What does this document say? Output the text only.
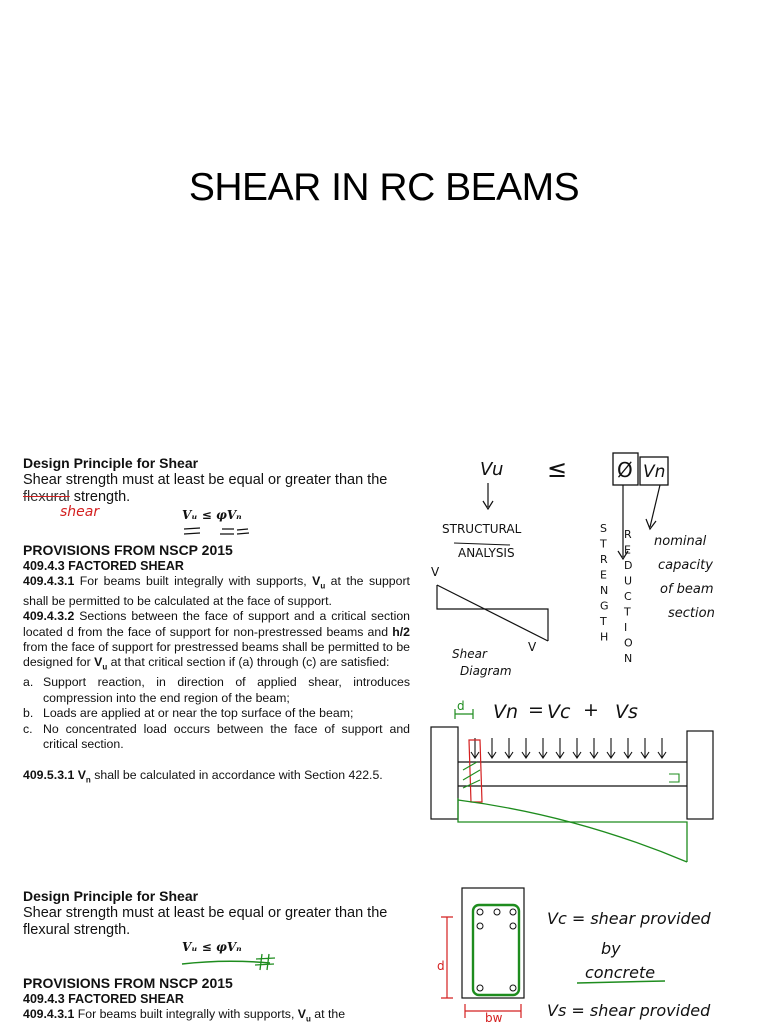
SHEAR IN RC BEAMS

Design Principle for Shear

Shear strength must at least be equal or greater than the flexural strength.

shear	Vᵤ ≤ φVₙ

PROVISIONS FROM NSCP 2015

409.4.3 FACTORED SHEAR

409.4.3.1 For beams built integrally with supports, $V_u$ at the support shall be permitted to be calculated at the face of support.

409.4.3.2 Sections between the face of support and a critical section located d from the face of support for non-prestressed beams and h/2 from the face of support for prestressed beams shall be permitted to be designed for $V_u$ at that critical section if (a) through (c) are satisfied:

a. Support reaction, in direction of applied shear, introduces compression into the end region of the beam;
b. Loads are applied at or near the top surface of the beam;
c. No concentrated load occurs between the face of support and critical section.

409.5.3.1 $V_n$ shall be calculated in accordance with Section 422.5.

Design Principle for Shear

Shear strength must at least be equal or greater than the flexural strength.

Vᵤ ≤ φVₙ

PROVISIONS FROM NSCP 2015

409.4.3 FACTORED SHEAR

409.4.3.1 For beams built integrally with supports, $V_u$ at the

Vu ≤ Ø Vn
STRUCTURAL
ANALYSIS
S
T
R
E
N
G
T
H
R
E
D
U
C
T
I
O
N
nominal
capacity
of beam
section
V
V
Shear
Diagram
d Vn = Vc + Vs
d
bw
Vc = shear provided
by
concrete
Vs = shear provided
